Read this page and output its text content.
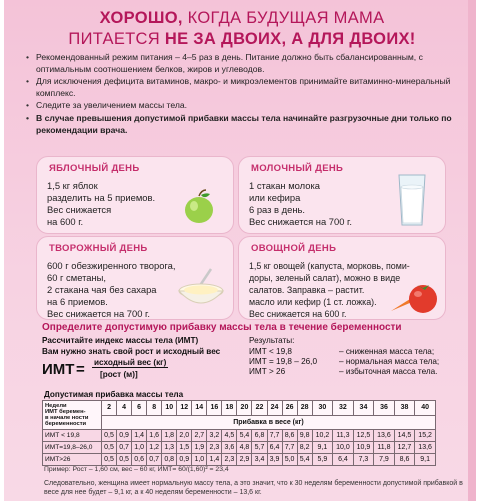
ХОРОШО, КОГДА БУДУЩАЯ МАМА
ПИТАЕТСЯ НЕ ЗА ДВОИХ, А ДЛЯ ДВОИХ!
• Рекомендованный режим питания – 4–5 раз в день. Питание должно быть сбалансированным, с оптимальным соотношением белков, жиров и углеводов.
• Для исключения дефицита витаминов, макро- и микроэлементов принимайте витаминно-минеральный комплекс.
• Следите за увеличением массы тела.
• В случае превышения допустимой прибавки массы тела начинайте разгрузочные дни только по рекомендации врача.
ЯБЛОЧНЫЙ ДЕНЬ
1,5 кг яблок
разделить на 5 приемов.
Вес снижается
на 600 г.
МОЛОЧНЫЙ ДЕНЬ
1 стакан молока
или кефира
6 раз в день.
Вес снижается на 700 г.
ТВОРОЖНЫЙ ДЕНЬ
600 г обезжиренного творога,
60 г сметаны,
2 стакана чая без сахара
на 6 приемов.
Вес снижается на 700 г.
ОВОЩНОЙ ДЕНЬ
1,5 кг овощей (капуста, морковь, поми-
доры, зеленый салат), можно в виде
салатов. Заправка – растит.
масло или кефир (1 ст. ложка).
Вес снижается на 600 г.
Определите допустимую прибавку массы тела в течение беременности
Рассчитайте индекс массы тела (ИМТ)
Вам нужно знать свой рост и исходный вес
ИМТ = исходный вес (кг)
[рост (м)]
Результаты:
ИМТ < 19,8	– сниженная масса тела;
ИМТ = 19,8 – 26,0	– нормальная масса тела;
ИМТ > 26	– избыточная масса тела.
Допустимая прибавка массы тела
Недели
ИМТ беремен-
в начале ности
беременности	2	4	6	8	10	12	14	16	18	20	22	24	26	28	30	32	34	36	38	40
	Прибавка в весе (кг)																			
ИМТ < 19,8	0,5	0,9	1,4	1,6	1,8	2,0	2,7	3,2	4,5	5,4	6,8	7,7	8,6	9,8	10,2	11,3	12,5	13,6	14,5	15,2
ИМТ=19,8–26,0	0,5	0,7	1,0	1,2	1,3	1,5	1,9	2,3	3,6	4,8	5,7	6,4	7,7	8,2	9,1	10,0	10,9	11,8	12,7	13,6
ИМТ>26	0,5	0,5	0,6	0,7	0,8	0,9	1,0	1,4	2,3	2,9	3,4	3,9	5,0	5,4	5,9	6,4	7,3	7,9	8,6	9,1
Пример: Рост – 1,60 см, вес – 60 кг, ИМТ= 60/(1,60)² = 23,4
Следовательно, женщина имеет нормальную массу тела, а это значит, что к 30 неделям беременности допустимой прибавкой в весе для нее будет – 9,1 кг, а к 40 неделям беременности – 13,6 кг.
